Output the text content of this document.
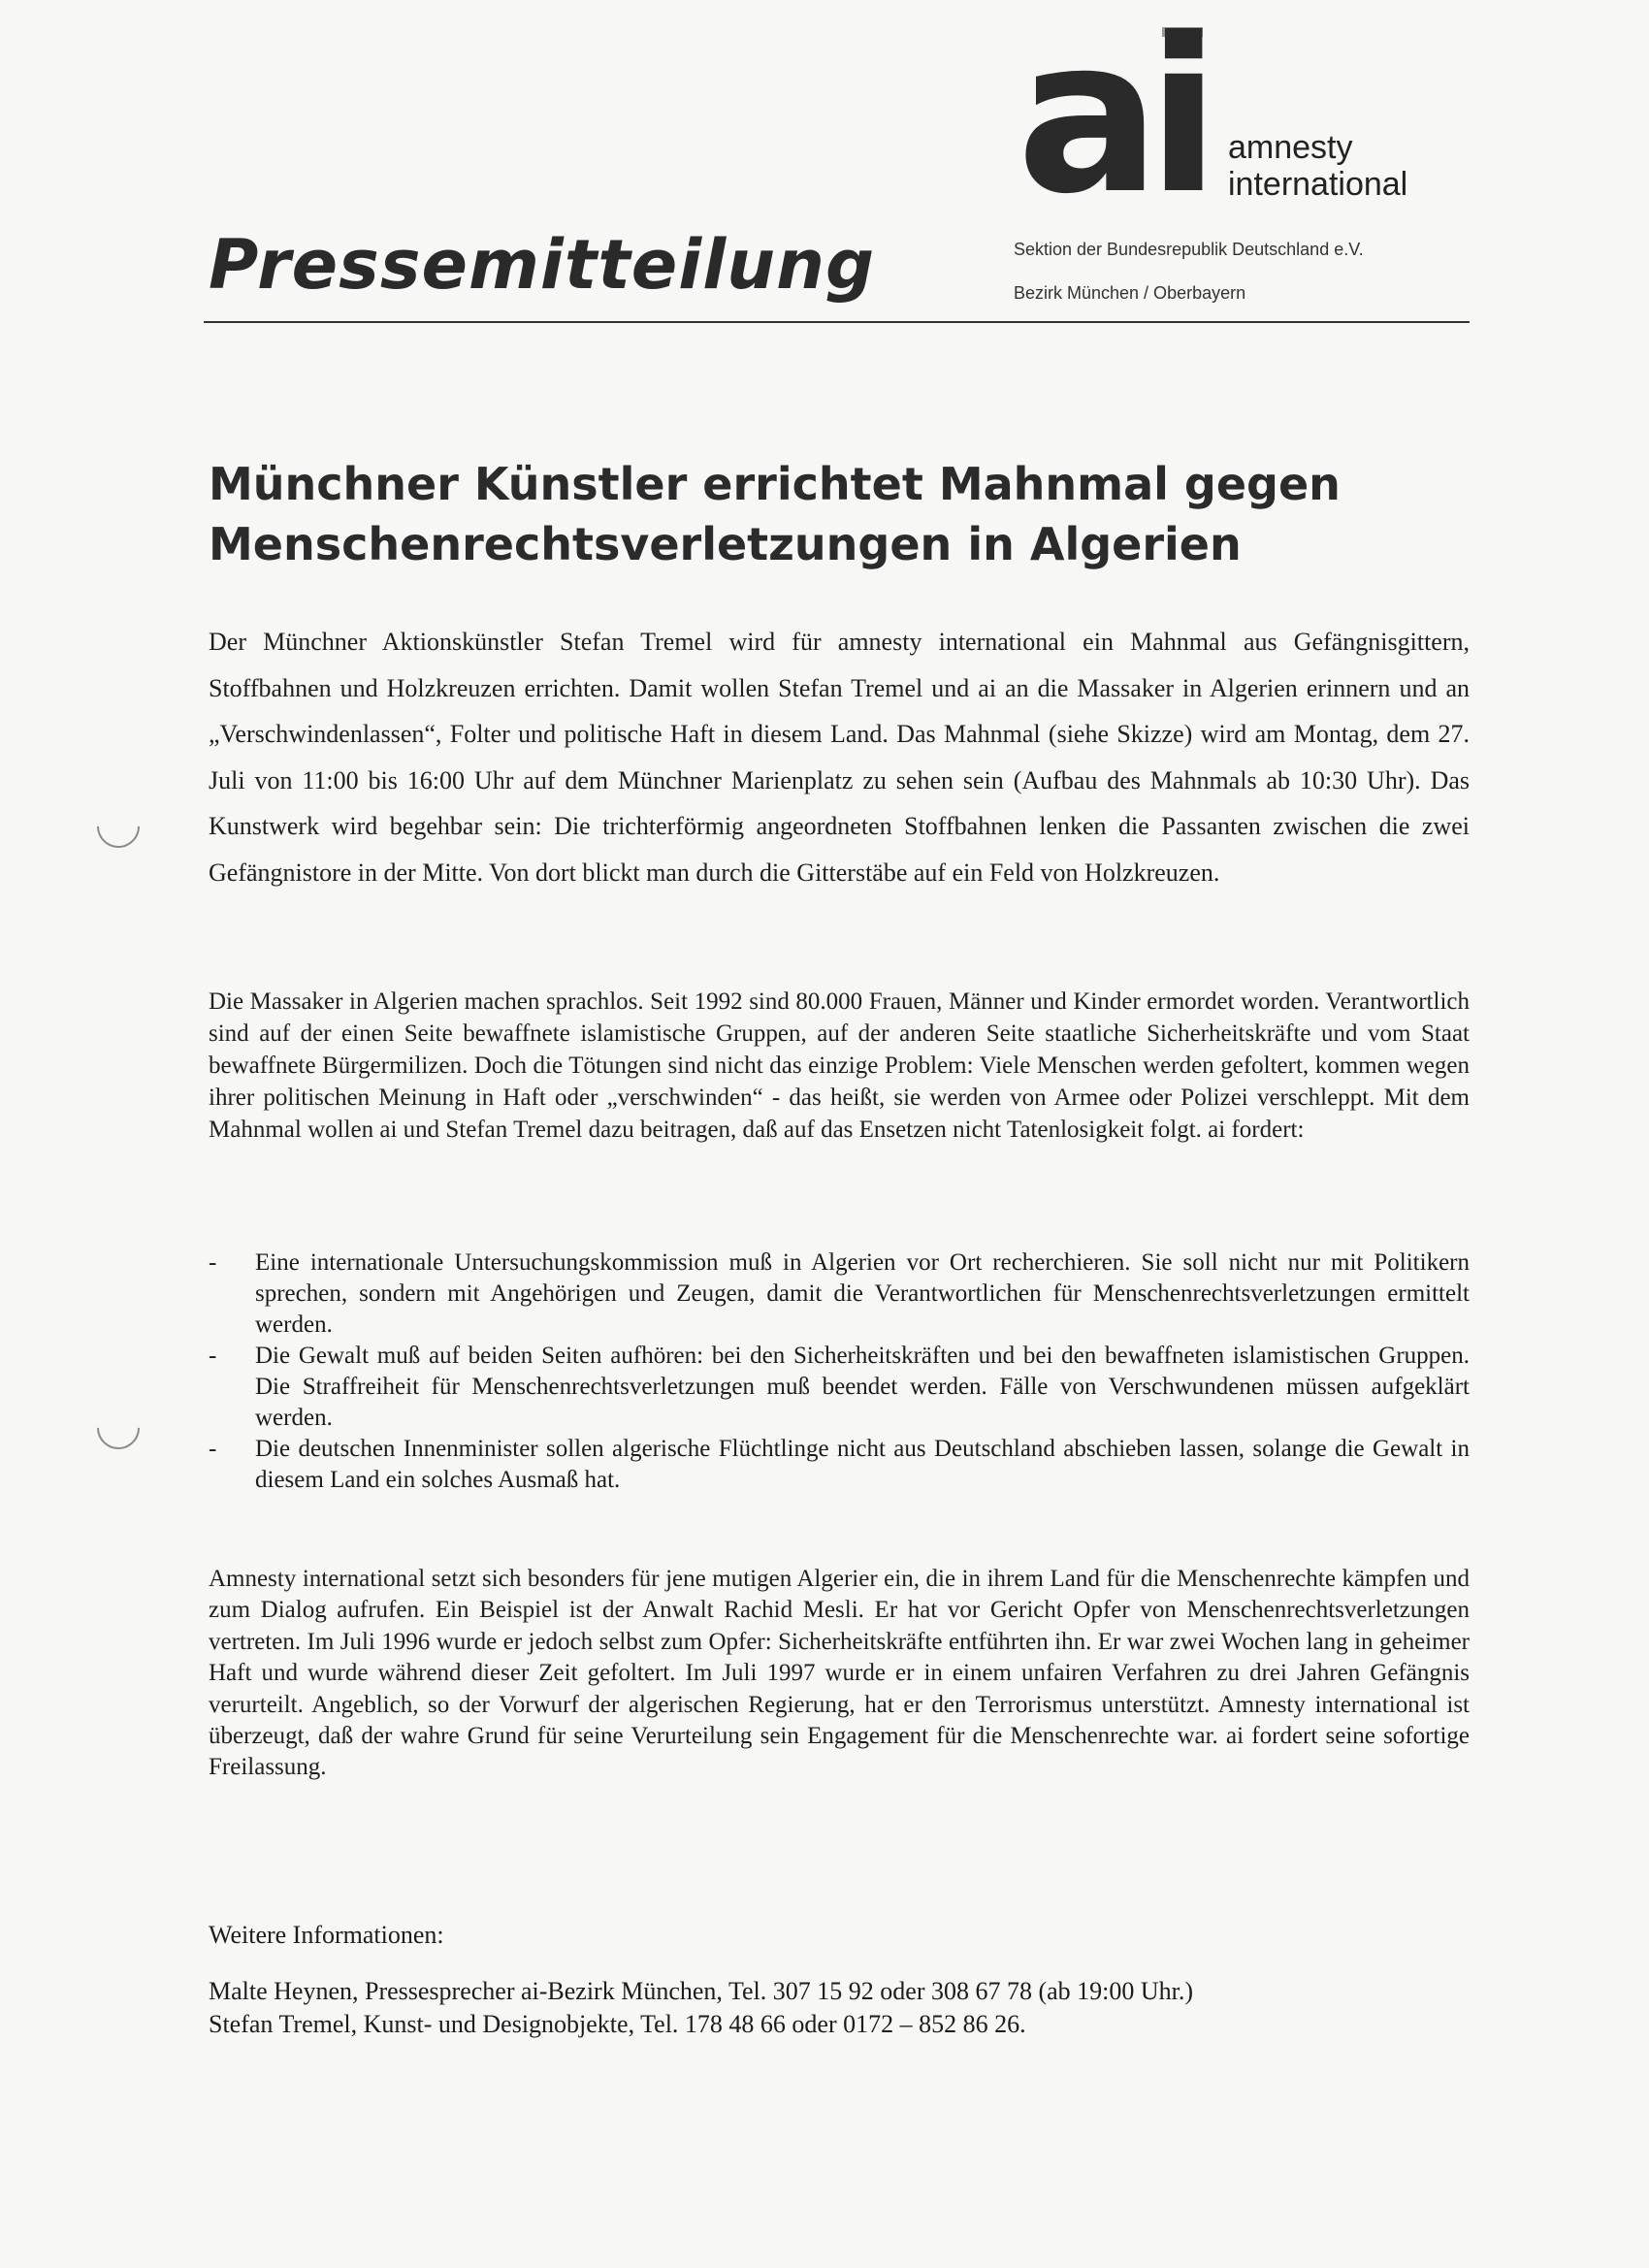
ai amnesty
international
Sektion der Bundesrepublik Deutschland e.V.
Bezirk München / Oberbayern
Pressemitteilung
Münchner Künstler errichtet Mahnmal gegen
Menschenrechtsverletzungen in Algerien
Der Münchner Aktionskünstler Stefan Tremel wird für amnesty international ein Mahnmal aus Gefängnisgittern, Stoffbahnen und Holzkreuzen errichten. Damit wollen Stefan Tremel und ai an die Massaker in Algerien erinnern und an „Verschwindenlassen“, Folter und politische Haft in diesem Land. Das Mahnmal (siehe Skizze) wird am Montag, dem 27. Juli von 11:00 bis 16:00 Uhr auf dem Münchner Marienplatz zu sehen sein (Aufbau des Mahnmals ab 10:30 Uhr). Das Kunstwerk wird begehbar sein: Die trichterförmig angeordneten Stoffbahnen lenken die Passanten zwischen die zwei Gefängnistore in der Mitte. Von dort blickt man durch die Gitterstäbe auf ein Feld von Holzkreuzen.
Die Massaker in Algerien machen sprachlos. Seit 1992 sind 80.000 Frauen, Männer und Kinder ermordet worden. Verantwortlich sind auf der einen Seite bewaffnete islamistische Gruppen, auf der anderen Seite staatliche Sicherheitskräfte und vom Staat bewaffnete Bürgermilizen. Doch die Tötungen sind nicht das einzige Problem: Viele Menschen werden gefoltert, kommen wegen ihrer politischen Meinung in Haft oder „verschwinden“ - das heißt, sie werden von Armee oder Polizei verschleppt. Mit dem Mahnmal wollen ai und Stefan Tremel dazu beitragen, daß auf das Ensetzen nicht Tatenlosigkeit folgt. ai fordert:
-	Eine internationale Untersuchungskommission muß in Algerien vor Ort recherchieren. Sie soll nicht nur mit Politikern sprechen, sondern mit Angehörigen und Zeugen, damit die Verantwortlichen für Menschenrechtsverletzungen ermittelt werden.
-	Die Gewalt muß auf beiden Seiten aufhören: bei den Sicherheitskräften und bei den bewaffneten islamistischen Gruppen. Die Straffreiheit für Menschenrechtsverletzungen muß beendet werden. Fälle von Verschwundenen müssen aufgeklärt werden.
-	Die deutschen Innenminister sollen algerische Flüchtlinge nicht aus Deutschland abschieben lassen, solange die Gewalt in diesem Land ein solches Ausmaß hat.
Amnesty international setzt sich besonders für jene mutigen Algerier ein, die in ihrem Land für die Menschenrechte kämpfen und zum Dialog aufrufen. Ein Beispiel ist der Anwalt Rachid Mesli. Er hat vor Gericht Opfer von Menschenrechtsverletzungen vertreten. Im Juli 1996 wurde er jedoch selbst zum Opfer: Sicherheitskräfte entführten ihn. Er war zwei Wochen lang in geheimer Haft und wurde während dieser Zeit gefoltert. Im Juli 1997 wurde er in einem unfairen Verfahren zu drei Jahren Gefängnis verurteilt. Angeblich, so der Vorwurf der algerischen Regierung, hat er den Terrorismus unterstützt. Amnesty international ist überzeugt, daß der wahre Grund für seine Verurteilung sein Engagement für die Menschenrechte war. ai fordert seine sofortige Freilassung.
Weitere Informationen:
Malte Heynen, Pressesprecher ai-Bezirk München, Tel. 307 15 92 oder 308 67 78 (ab 19:00 Uhr.)
Stefan Tremel, Kunst- und Designobjekte, Tel. 178 48 66 oder 0172 – 852 86 26.
